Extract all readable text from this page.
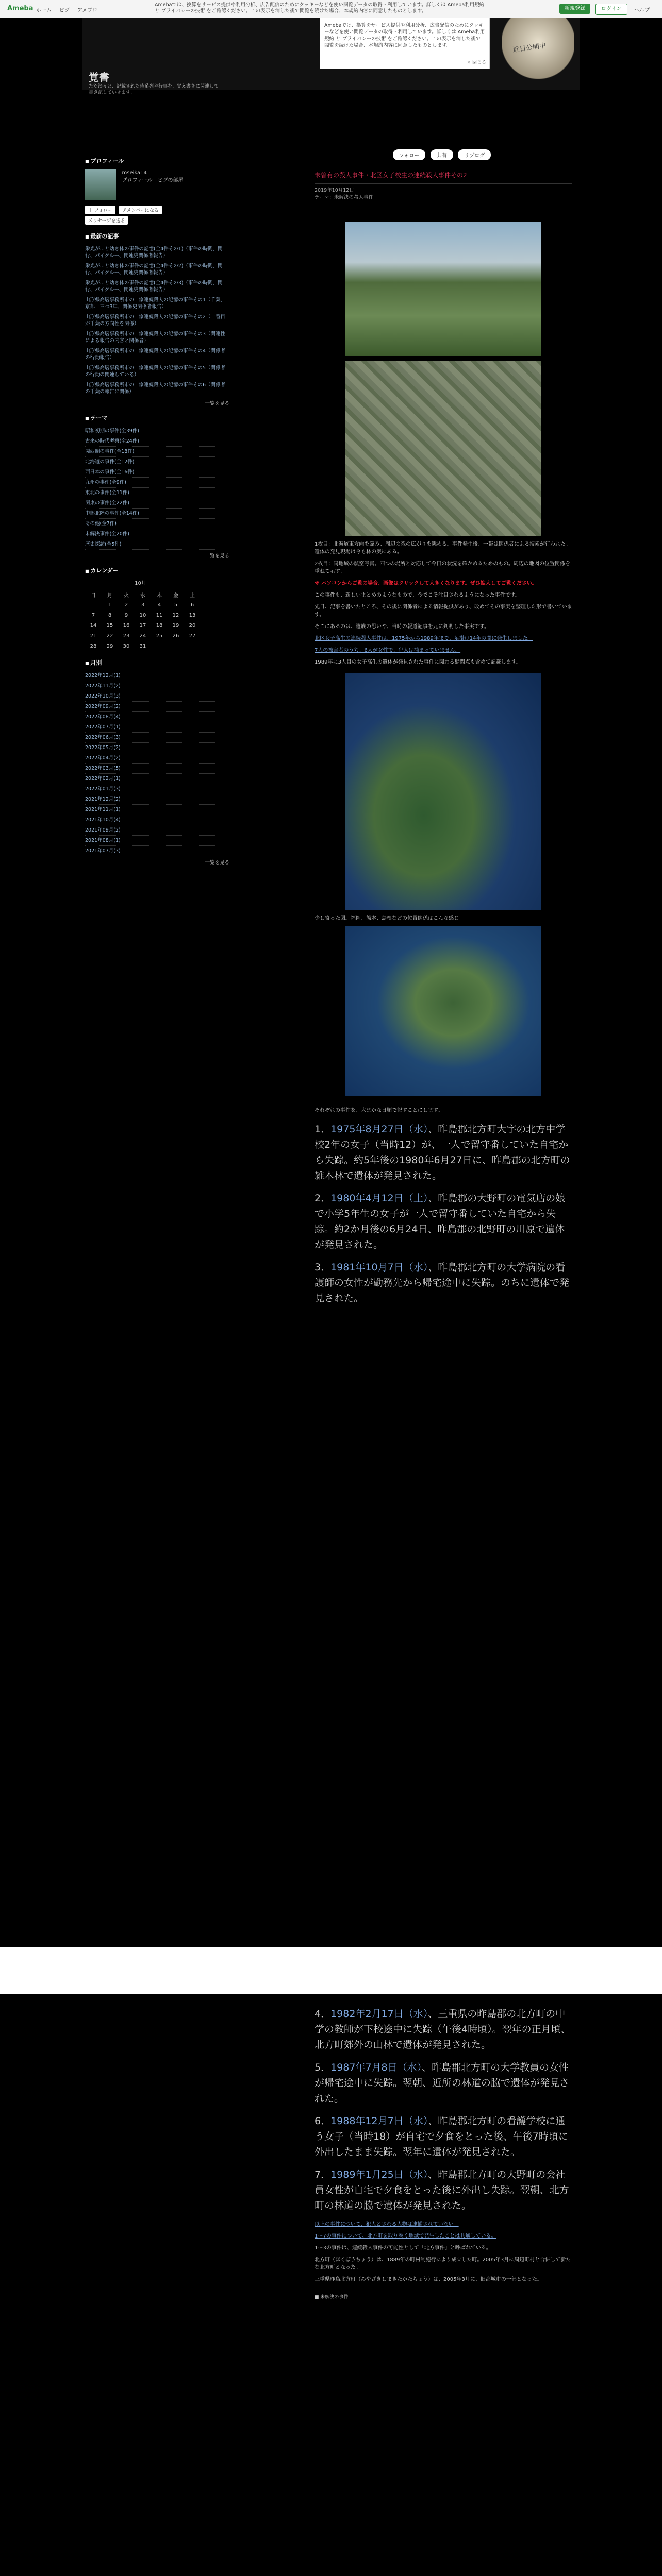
Ameba ホーム ピグ アメブロ
Amebaでは、換算をサービス提供や利用分析、広告配信のためにクッキーなどを使い閲覧データの取得・利用しています。詳しくは Ameba利用規約 と プライバシーの技術 をご確認ください。この表示を消した後で閲覧を続けた場合、本規約内容に同意したものとします。	新規登録	ログイン	ヘルプ
覚書
ただ淡々と、記載された時系列や行事を、覚え書きに関連して書き記していきます。
近日公開中
Amebaでは、換算をサービス提供や利用分析、広告配信のためにクッキーなどを使い閲覧データの取得・利用しています。詳しくは Ameba利用規約 と プライバシーの技術 をご確認ください。この表示を消した後で閲覧を続けた場合、本規約内容に同意したものとします。
× 閉じる
■ プロフィール
mseika14
プロフィール｜ピグの部屋
＋ フォロー アメンバーになる
メッセージを送る
■ 最新の記事
栄光が…と幼き体の事件の記憶(全4件その1)（事件の時間、関行、バイクルー、関連史関係者報告）
栄光が…と幼き体の事件の記憶(全4件その2)（事件の時間、関行、バイクルー、関連史関係者報告）
栄光が…と幼き体の事件の記憶(全4件その3)（事件の時間、関行、バイクルー、関連史関係者報告）
山形県高層事務所市の一家連続殺人の記憶の事件その1（千葉、京都一三つ3年、関係史関係者報告）
山形県高層事務所市の一家連続殺人の記憶の事件その2（一番目が千葉の方向性を関係）
山形県高層事務所市の一家連続殺人の記憶の事件その3（関連性による報告の内容と関係者）
山形県高層事務所市の一家連続殺人の記憶の事件その4（関係者の行動報告）
山形県高層事務所市の一家連続殺人の記憶の事件その5（関係者の行動の関連している）
山形県高層事務所市の一家連続殺人の記憶の事件その6（関係者の千葉の報告に関係）
一覧を見る
■ テーマ
昭和初期の事件(全39件)
古来の時代考察(全24件)
関西圏の事件(全18件)
北海道の事件(全12件)
西日本の事件(全16件)
九州の事件(全9件)
東北の事件(全11件)
関東の事件(全22件)
中部北陸の事件(全14件)
その他(全7件)
未解決事件(全20件)
歴史探訪(全5件)
一覧を見る
■ カレンダー
10月
日	月	火	水	木	金	土
	1	2	3	4	5	6
7	8	9	10	11	12	13
14	15	16	17	18	19	20
21	22	23	24	25	26	27
28	29	30	31			
■ 月別
2022年12月(1)
2022年11月(2)
2022年10月(3)
2022年09月(2)
2022年08月(4)
2022年07月(1)
2022年06月(3)
2022年05月(2)
2022年04月(2)
2022年03月(5)
2022年02月(1)
2022年01月(3)
2021年12月(2)
2021年11月(1)
2021年10月(4)
2021年09月(2)
2021年08月(1)
2021年07月(3)
一覧を見る
フォロー	共有	リブログ
未曾有の殺人事件・北区女子校生の連続殺人事件その2
2019年10月12日
テーマ：未解決の殺人事件
1枚目：北海道東方向を臨み、周辺の森の広がりを眺める。事件発生後、一帯は関係者による捜索が行われた。遺体の発見現場は今も林の奥にある。
2枚目：同地域の航空写真。四つの場所と対応して今日の状況を確かめるためのもの。周辺の地図の位置関係を重ねて示す。
※ パソコンからご覧の場合、画像はクリックして大きくなります。ぜひ拡大してご覧ください。
この事件も、新しいまとめのようなもので、今でこそ注目されるようになった事件です。
先日、記事を書いたところ、その後に関係者による情報提供があり、改めてその事実を整理した形で書いています。
そこにあるのは、遺族の思いや、当時の報道記事を元に判明した事実です。
北区女子高生の連続殺人事件は、1975年から1989年まで、足掛け14年の間に発生しました。
7人の被害者のうち、6人が女性で、犯人は捕まっていません。
1989年に3人目の女子高生の遺体が発見された事件に関わる疑問点も含めて記載します。
少し寄った図。福岡、熊本、島根などの位置関係はこんな感じ
それぞれの事件を、大まかな日順で記すことにします。
1．1975年8月27日（水）、昨島郡北方町大字の北方中学校2年の女子（当時12）が、一人で留守番していた自宅から失踪。約5年後の1980年6月27日に、昨島郡の北方町の雑木林で遺体が発見された。
2．1980年4月12日（土）、昨島郡の大野町の電気店の娘で小学5年生の女子が一人で留守番していた自宅から失踪。約2か月後の6月24日、昨島郡の北野町の川原で遺体が発見された。
3．1981年10月7日（水）、昨島郡北方町の大学病院の看護師の女性が勤務先から帰宅途中に失踪。のちに遺体で発見された。
4．1982年2月17日（水）、三重県の昨島郡の北方町の中学の教師が下校途中に失踪（午後4時頃）。翌年の正月頃、北方町郊外の山林で遺体が発見された。
5．1987年7月8日（水）、昨島郡北方町の大学教員の女性が帰宅途中に失踪。翌朝、近所の林道の脇で遺体が発見された。
6．1988年12月7日（水）、昨島郡北方町の看護学校に通う女子（当時18）が自宅で夕食をとった後、午後7時頃に外出したまま失踪。翌年に遺体が発見された。
7．1989年1月25日（水）、昨島郡北方町の大野町の会社員女性が自宅で夕食をとった後に外出し失踪。翌朝、北方町の林道の脇で遺体が発見された。
以上の事件について、犯人とされる人物は逮捕されていない。
1〜7の事件について、北方町を取り巻く地域で発生したことは共通している。
1〜3の事件は、連続殺人事件の可能性として「北方事件」と呼ばれている。
北方町（ほくぼうちょう）は、1889年の町村制施行により成立した町。2005年3月に周辺町村と合併して新たな北方町となった。
三重県昨島北方町（みやざきしまきたかたちょう）は、2005年3月に、旧都城市の一部となった。
■ 未解決の事件
